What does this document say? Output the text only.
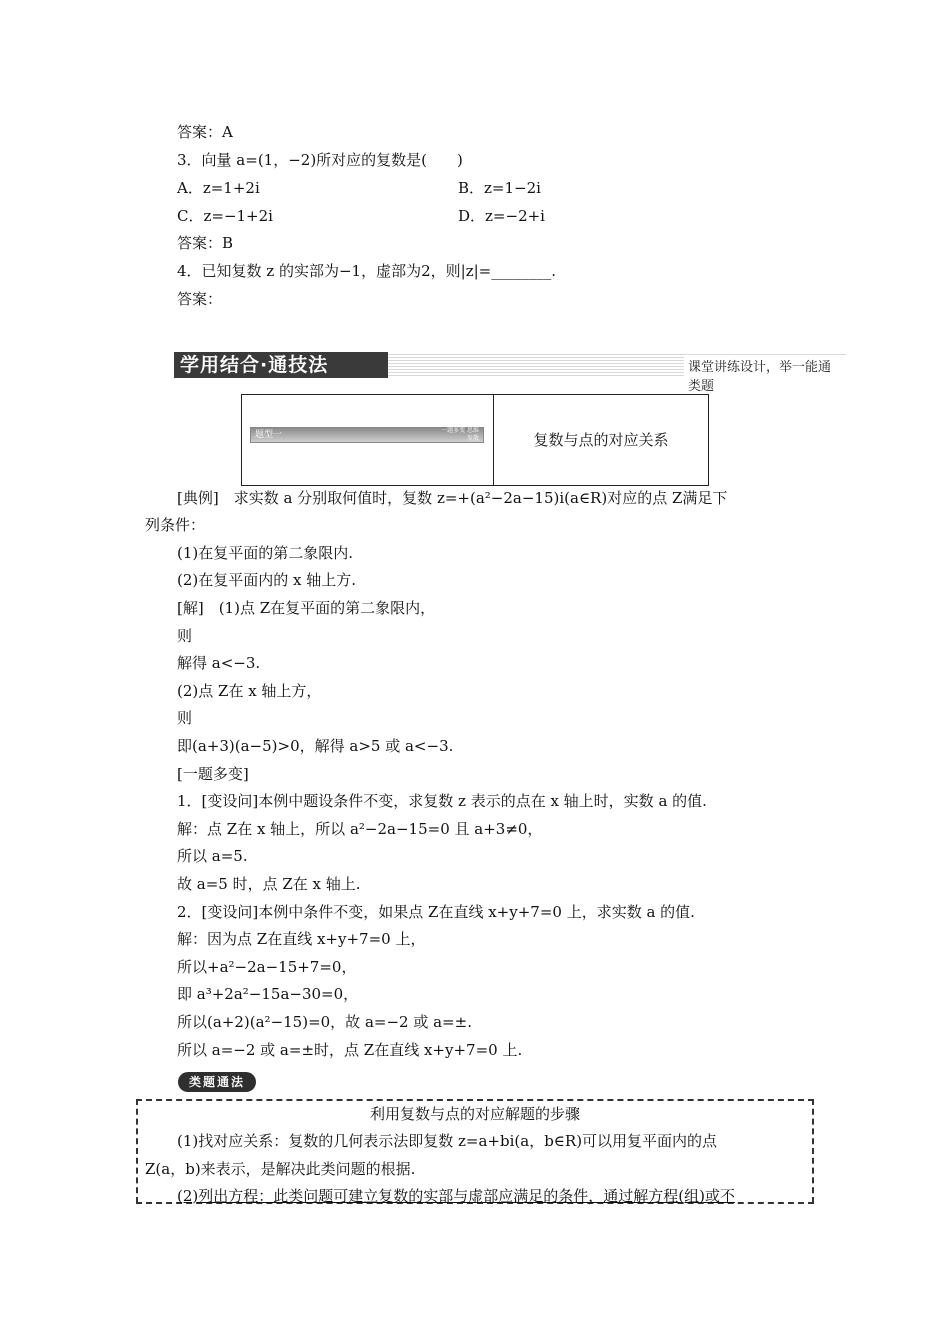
答案：A
3．向量 a=(1，−2)所对应的复数是(　　)
A．z=1+2i	B．z=1−2i
C．z=−1+2i	D．z=−2+i
答案：B
4．已知复数 z 的实部为−1，虚部为2，则|z|=________.
答案：
学用结合·通技法	课堂讲练设计，举一能通类题
题型一	一题多变 思维发散	复数与点的对应关系
[典例]　求实数 a 分别取何值时，复数 z=+(a²−2a−15)i(a∈R)对应的点 Z满足下
列条件：
(1)在复平面的第二象限内.
(2)在复平面内的 x 轴上方.
[解]　(1)点 Z在复平面的第二象限内，
则
解得 a<−3.
(2)点 Z在 x 轴上方，
则
即(a+3)(a−5)>0，解得 a>5 或 a<−3.
[一题多变]
1．[变设问]本例中题设条件不变，求复数 z 表示的点在 x 轴上时，实数 a 的值.
解：点 Z在 x 轴上，所以 a²−2a−15=0 且 a+3≠0，
所以 a=5.
故 a=5 时，点 Z在 x 轴上.
2．[变设问]本例中条件不变，如果点 Z在直线 x+y+7=0 上，求实数 a 的值.
解：因为点 Z在直线 x+y+7=0 上，
所以+a²−2a−15+7=0，
即 a³+2a²−15a−30=0，
所以(a+2)(a²−15)=0，故 a=−2 或 a=±.
所以 a=−2 或 a=±时，点 Z在直线 x+y+7=0 上.
类题通法
利用复数与点的对应解题的步骤
(1)找对应关系：复数的几何表示法即复数 z=a+bi(a，b∈R)可以用复平面内的点
Z(a，b)来表示，是解决此类问题的根据.
(2)列出方程：此类问题可建立复数的实部与虚部应满足的条件，通过解方程(组)或不
